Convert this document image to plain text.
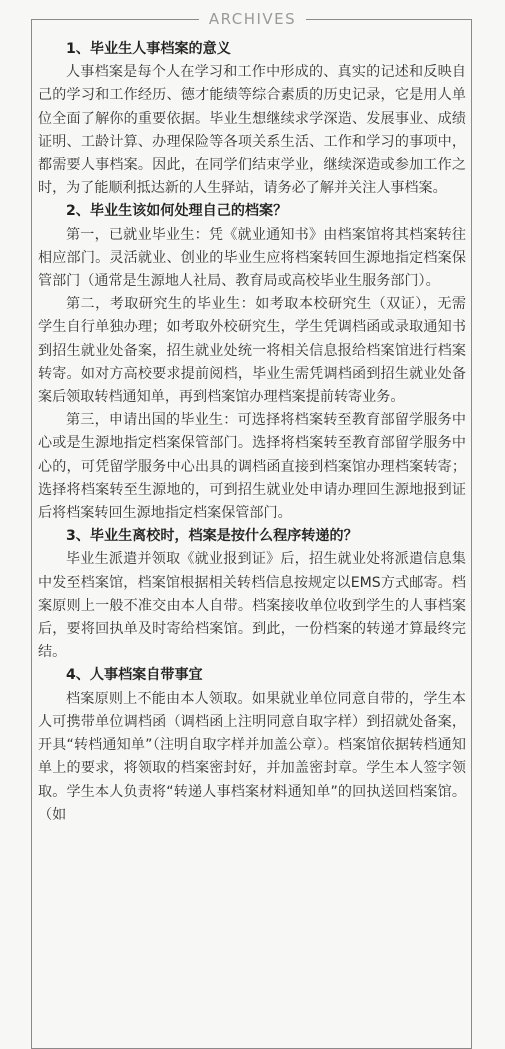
ARCHIVES

1、毕业生人事档案的意义

人事档案是每个人在学习和工作中形成的、真实的记述和反映自己的学习和工作经历、德才能绩等综合素质的历史记录，它是用人单位全面了解你的重要依据。毕业生想继续求学深造、发展事业、成绩证明、工龄计算、办理保险等各项关系生活、工作和学习的事项中，都需要人事档案。因此，在同学们结束学业，继续深造或参加工作之时，为了能顺利抵达新的人生驿站，请务必了解并关注人事档案。

2、毕业生该如何处理自己的档案？

第一，已就业毕业生：凭《就业通知书》由档案馆将其档案转往相应部门。灵活就业、创业的毕业生应将档案转回生源地指定档案保管部门（通常是生源地人社局、教育局或高校毕业生服务部门）。

第二，考取研究生的毕业生：如考取本校研究生（双证），无需学生自行单独办理；如考取外校研究生，学生凭调档函或录取通知书到招生就业处备案，招生就业处统一将相关信息报给档案馆进行档案转寄。如对方高校要求提前阅档，毕业生需凭调档函到招生就业处备案后领取转档通知单，再到档案馆办理档案提前转寄业务。

第三，申请出国的毕业生：可选择将档案转至教育部留学服务中心或是生源地指定档案保管部门。选择将档案转至教育部留学服务中心的，可凭留学服务中心出具的调档函直接到档案馆办理档案转寄；选择将档案转至生源地的，可到招生就业处申请办理回生源地报到证后将档案转回生源地指定档案保管部门。

3、毕业生离校时，档案是按什么程序转递的？

毕业生派遣并领取《就业报到证》后，招生就业处将派遣信息集中发至档案馆，档案馆根据相关转档信息按规定以EMS方式邮寄。档案原则上一般不准交由本人自带。档案接收单位收到学生的人事档案后，要将回执单及时寄给档案馆。到此，一份档案的转递才算最终完结。

4、人事档案自带事宜

档案原则上不能由本人领取。如果就业单位同意自带的，学生本人可携带单位调档函（调档函上注明同意自取字样）到招就处备案，开具“转档通知单”（注明自取字样并加盖公章）。档案馆依据转档通知单上的要求，将领取的档案密封好，并加盖密封章。学生本人签字领取。学生本人负责将“转递人事档案材料通知单”的回执送回档案馆。（如
